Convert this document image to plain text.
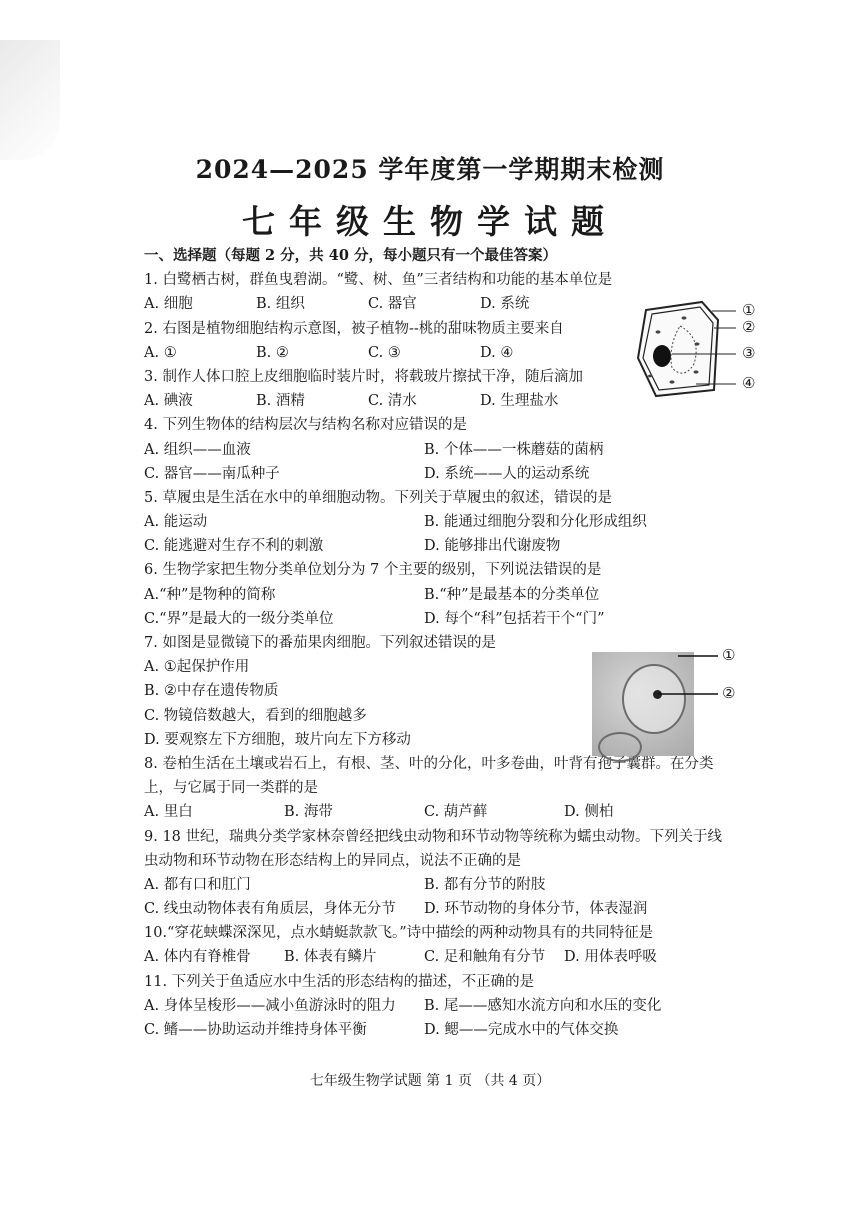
2024—2025 学年度第一学期期末检测
七年级生物学试题
一、选择题（每题 2 分，共 40 分，每小题只有一个最佳答案）
1. 白鹭栖古树，群鱼曳碧湖。“鹭、树、鱼”三者结构和功能的基本单位是
A. 细胞	B. 组织	C. 器官	D. 系统
2. 右图是植物细胞结构示意图，被子植物--桃的甜味物质主要来自
A. ①	B. ②	C. ③	D. ④
3. 制作人体口腔上皮细胞临时装片时，将载玻片擦拭干净，随后滴加
A. 碘液	B. 酒精	C. 清水	D. 生理盐水
4. 下列生物体的结构层次与结构名称对应错误的是
A. 组织——血液	B. 个体——一株蘑菇的菌柄
C. 器官——南瓜种子	D. 系统——人的运动系统
5. 草履虫是生活在水中的单细胞动物。下列关于草履虫的叙述，错误的是
A. 能运动	B. 能通过细胞分裂和分化形成组织
C. 能逃避对生存不利的刺激	D. 能够排出代谢废物
6. 生物学家把生物分类单位划分为 7 个主要的级别，下列说法错误的是
A.“种”是物种的简称	B.“种”是最基本的分类单位
C.“界”是最大的一级分类单位	D. 每个“科”包括若干个“门”
7. 如图是显微镜下的番茄果肉细胞。下列叙述错误的是
A. ①起保护作用
B. ②中存在遗传物质
C. 物镜倍数越大，看到的细胞越多
D. 要观察左下方细胞，玻片向左下方移动
8. 卷柏生活在土壤或岩石上，有根、茎、叶的分化，叶多卷曲，叶背有孢子囊群。在分类
上，与它属于同一类群的是
A. 里白	B. 海带	C. 葫芦藓	D. 侧柏
9. 18 世纪，瑞典分类学家林奈曾经把线虫动物和环节动物等统称为蠕虫动物。下列关于线
虫动物和环节动物在形态结构上的异同点，说法不正确的是
A. 都有口和肛门	B. 都有分节的附肢
C. 线虫动物体表有角质层，身体无分节	D. 环节动物的身体分节，体表湿润
10.“穿花蛱蝶深深见，点水蜻蜓款款飞。”诗中描绘的两种动物具有的共同特征是
A. 体内有脊椎骨	B. 体表有鳞片	C. 足和触角有分节	D. 用体表呼吸
11. 下列关于鱼适应水中生活的形态结构的描述，不正确的是
A. 身体呈梭形——减小鱼游泳时的阻力	B. 尾——感知水流方向和水压的变化
C. 鳍——协助运动并维持身体平衡	D. 鳃——完成水中的气体交换
①
②
③
④
①
②
七年级生物学试题 第 1 页 （共 4 页）
